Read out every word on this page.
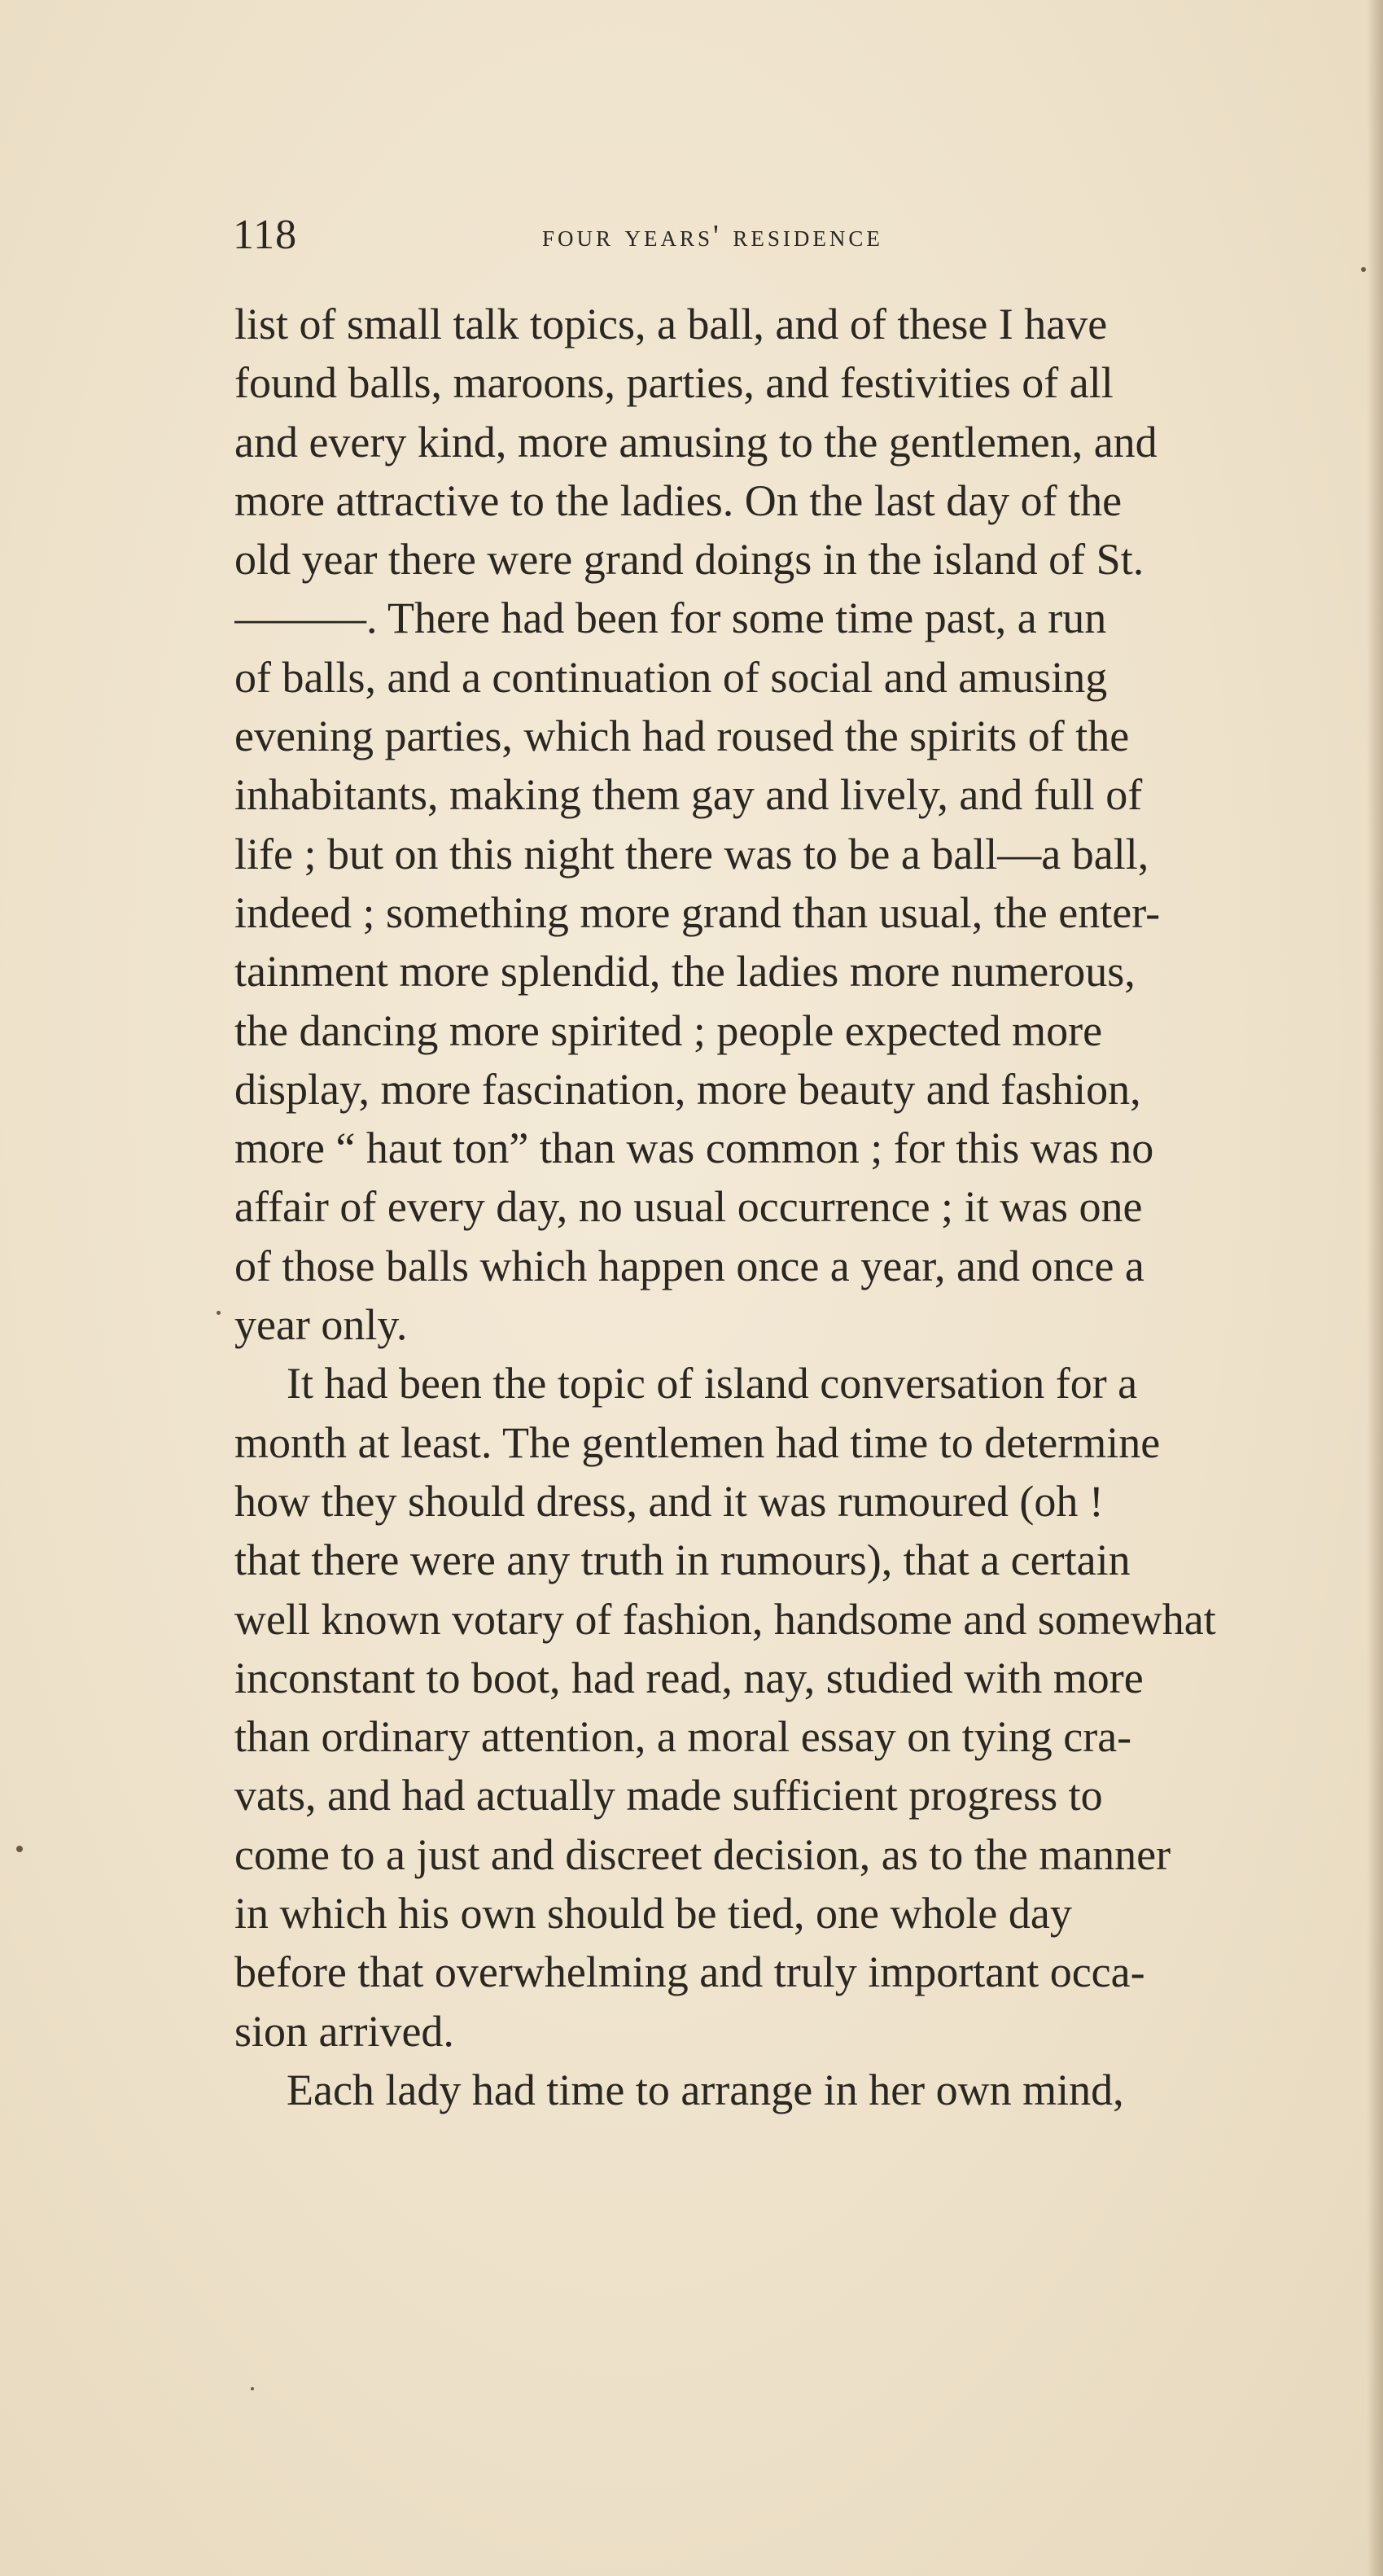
118	four years' residence
list of small talk topics, a ball, and of these I have
found balls, maroons, parties, and festivities of all
and every kind, more amusing to the gentlemen, and
more attractive to the ladies. On the last day of the
old year there were grand doings in the island of St.
———. There had been for some time past, a run
of balls, and a continuation of social and amusing
evening parties, which had roused the spirits of the
inhabitants, making them gay and lively, and full of
life ; but on this night there was to be a ball—a ball,
indeed ; something more grand than usual, the enter-
tainment more splendid, the ladies more numerous,
the dancing more spirited ; people expected more
display, more fascination, more beauty and fashion,
more “ haut ton” than was common ; for this was no
affair of every day, no usual occurrence ; it was one
of those balls which happen once a year, and once a
year only.
It had been the topic of island conversation for a
month at least. The gentlemen had time to determine
how they should dress, and it was rumoured (oh !
that there were any truth in rumours), that a certain
well known votary of fashion, handsome and somewhat
inconstant to boot, had read, nay, studied with more
than ordinary attention, a moral essay on tying cra-
vats, and had actually made sufficient progress to
come to a just and discreet decision, as to the manner
in which his own should be tied, one whole day
before that overwhelming and truly important occa-
sion arrived.
Each lady had time to arrange in her own mind,
